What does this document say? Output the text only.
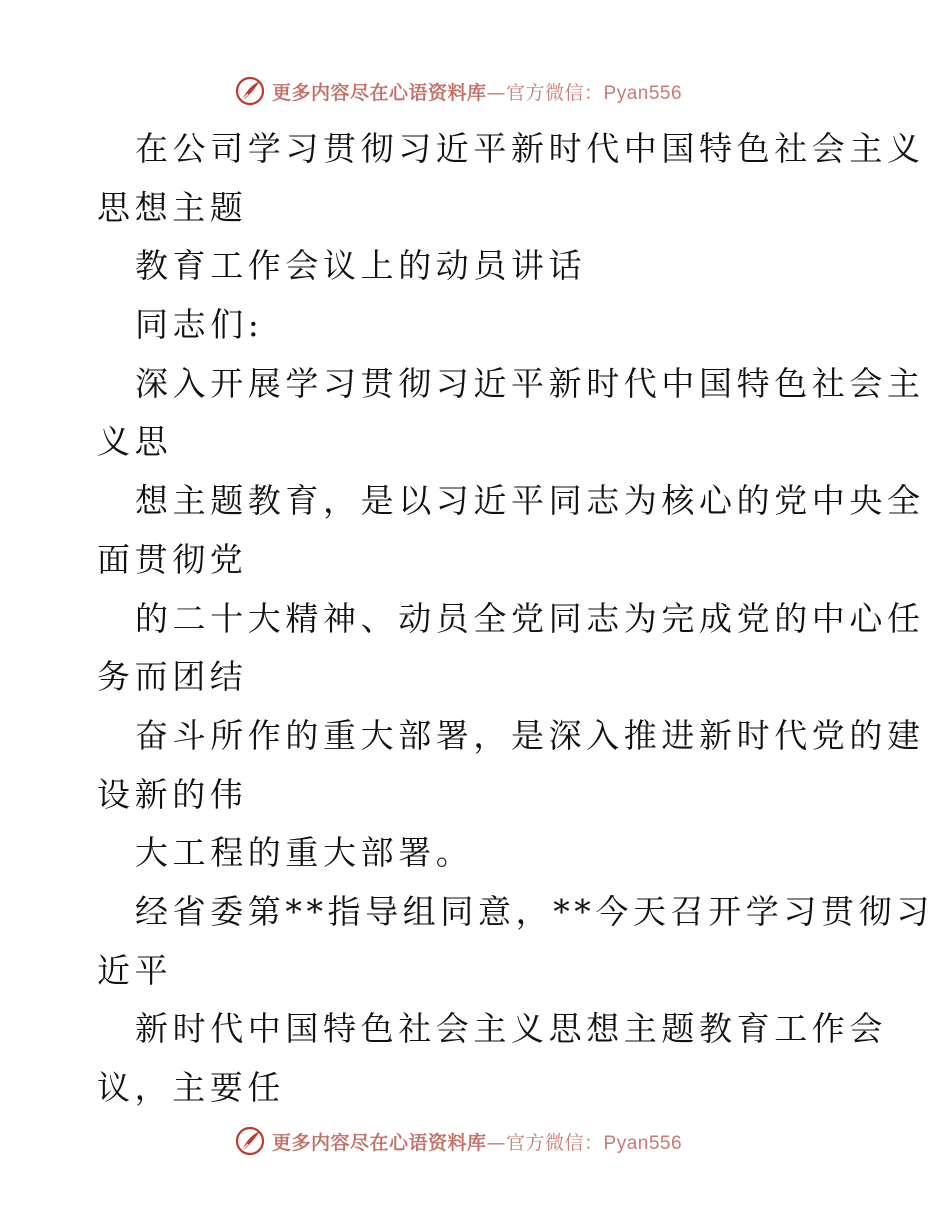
更多内容尽在心语资料库—官方微信：Pyan556
在公司学习贯彻习近平新时代中国特色社会主义
思想主题
教育工作会议上的动员讲话
同志们:
深入开展学习贯彻习近平新时代中国特色社会主
义思
想主题教育，是以习近平同志为核心的党中央全
面贯彻党
的二十大精神、动员全党同志为完成党的中心任
务而团结
奋斗所作的重大部署，是深入推进新时代党的建
设新的伟
大工程的重大部署。
经省委第**指导组同意，**今天召开学习贯彻习
近平
新时代中国特色社会主义思想主题教育工作会
议，主要任
更多内容尽在心语资料库—官方微信：Pyan556
